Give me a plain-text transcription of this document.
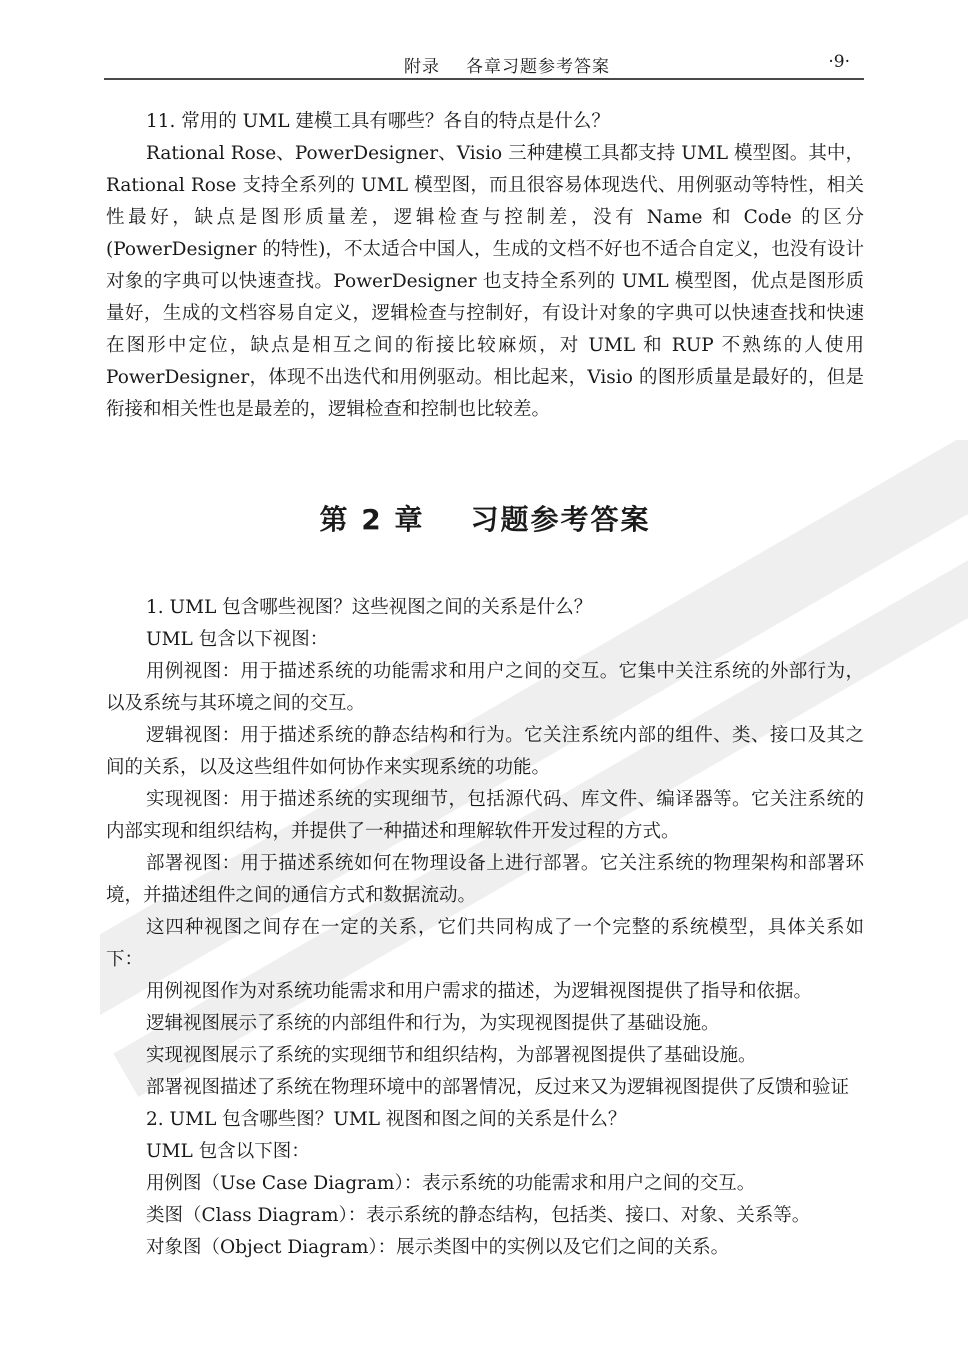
附录 各章习题参考答案	·9·

11. 常用的 UML 建模工具有哪些？各自的特点是什么？

Rational Rose、PowerDesigner、Visio 三种建模工具都支持 UML 模型图。其中，Rational Rose 支持全系列的 UML 模型图，而且很容易体现迭代、用例驱动等特性，相关性最好，缺点是图形质量差，逻辑检查与控制差，没有 Name 和 Code 的区分(PowerDesigner 的特性)，不太适合中国人，生成的文档不好也不适合自定义，也没有设计对象的字典可以快速查找。PowerDesigner 也支持全系列的 UML 模型图，优点是图形质量好，生成的文档容易自定义，逻辑检查与控制好，有设计对象的字典可以快速查找和快速在图形中定位，缺点是相互之间的衔接比较麻烦，对 UML 和 RUP 不熟练的人使用 PowerDesigner，体现不出迭代和用例驱动。相比起来，Visio 的图形质量是最好的，但是衔接和相关性也是最差的，逻辑检查和控制也比较差。

第 2 章 习题参考答案

1. UML 包含哪些视图？这些视图之间的关系是什么？

UML 包含以下视图：

用例视图：用于描述系统的功能需求和用户之间的交互。它集中关注系统的外部行为，以及系统与其环境之间的交互。

逻辑视图：用于描述系统的静态结构和行为。它关注系统内部的组件、类、接口及其之间的关系，以及这些组件如何协作来实现系统的功能。

实现视图：用于描述系统的实现细节，包括源代码、库文件、编译器等。它关注系统的内部实现和组织结构，并提供了一种描述和理解软件开发过程的方式。

部署视图：用于描述系统如何在物理设备上进行部署。它关注系统的物理架构和部署环境，并描述组件之间的通信方式和数据流动。

这四种视图之间存在一定的关系，它们共同构成了一个完整的系统模型，具体关系如下：

用例视图作为对系统功能需求和用户需求的描述，为逻辑视图提供了指导和依据。

逻辑视图展示了系统的内部组件和行为，为实现视图提供了基础设施。

实现视图展示了系统的实现细节和组织结构，为部署视图提供了基础设施。

部署视图描述了系统在物理环境中的部署情况，反过来又为逻辑视图提供了反馈和验证

2. UML 包含哪些图？UML 视图和图之间的关系是什么？

UML 包含以下图：

用例图（Use Case Diagram）：表示系统的功能需求和用户之间的交互。

类图（Class Diagram）：表示系统的静态结构，包括类、接口、对象、关系等。

对象图（Object Diagram）：展示类图中的实例以及它们之间的关系。
